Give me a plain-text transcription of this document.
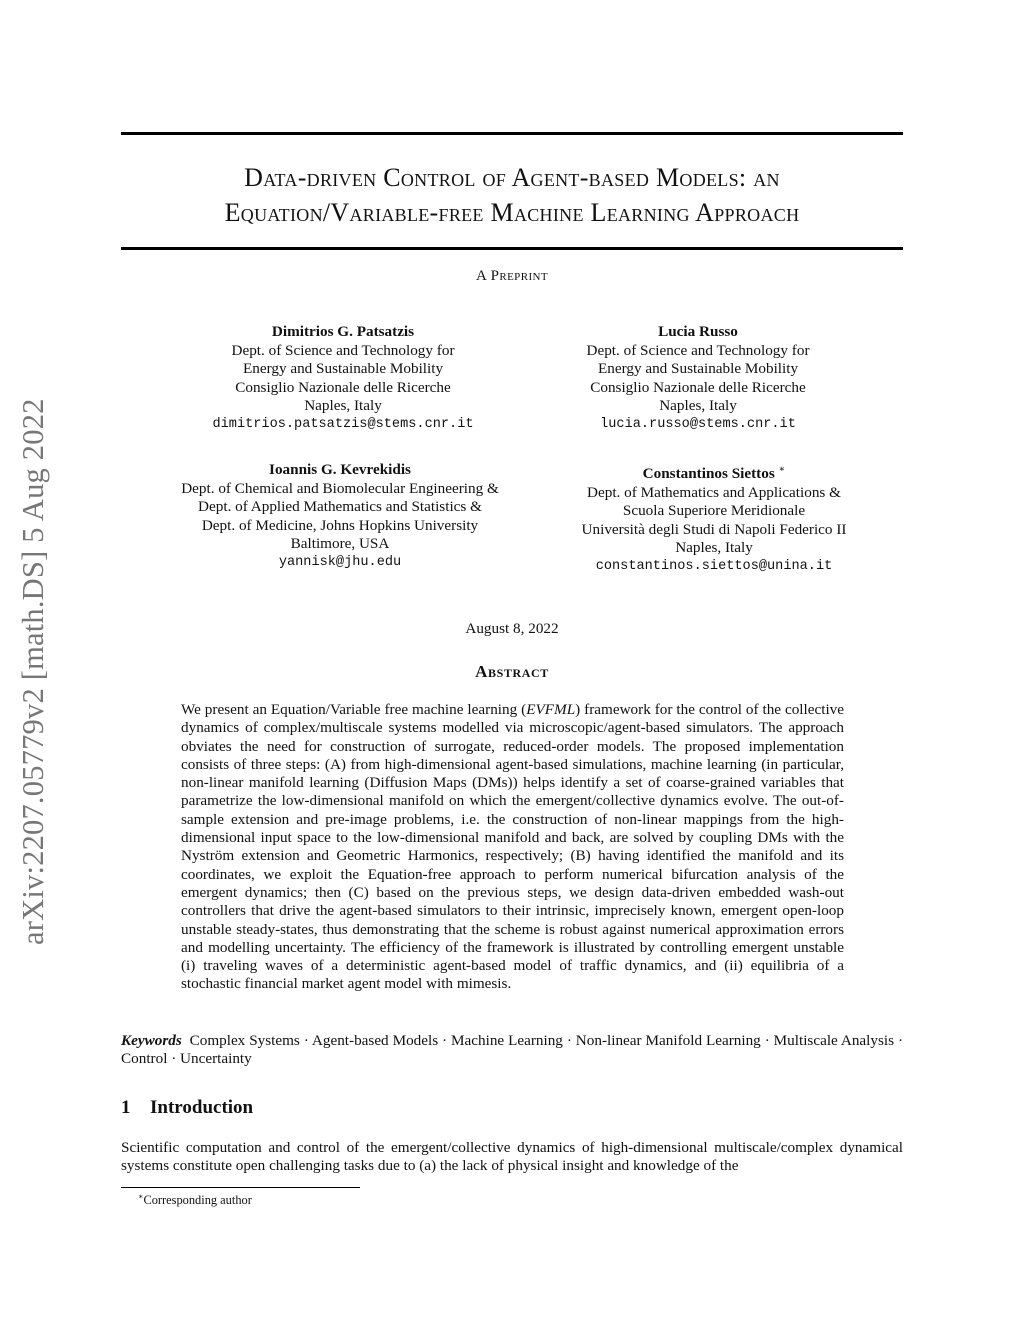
arXiv:2207.05779v2 [math.DS] 5 Aug 2022
Data-driven Control of Agent-based Models: an
Equation/Variable-free Machine Learning Approach
A Preprint
Dimitrios G. Patsatzis
Dept. of Science and Technology for
Energy and Sustainable Mobility
Consiglio Nazionale delle Ricerche
Naples, Italy
dimitrios.patsatzis@stems.cnr.it
Lucia Russo
Dept. of Science and Technology for
Energy and Sustainable Mobility
Consiglio Nazionale delle Ricerche
Naples, Italy
lucia.russo@stems.cnr.it
Ioannis G. Kevrekidis
Dept. of Chemical and Biomolecular Engineering &
Dept. of Applied Mathematics and Statistics &
Dept. of Medicine, Johns Hopkins University
Baltimore, USA
yannisk@jhu.edu
Constantinos Siettos ∗
Dept. of Mathematics and Applications &
Scuola Superiore Meridionale
Università degli Studi di Napoli Federico II
Naples, Italy
constantinos.siettos@unina.it
August 8, 2022
Abstract

We present an Equation/Variable free machine learning (EVFML) framework for the control of the collective dynamics of complex/multiscale systems modelled via microscopic/agent-based simulators. The approach obviates the need for construction of surrogate, reduced-order models. The proposed implementation consists of three steps: (A) from high-dimensional agent-based simulations, machine learning (in particular, non-linear manifold learning (Diffusion Maps (DMs)) helps identify a set of coarse-grained variables that parametrize the low-dimensional manifold on which the emergent/collective dynamics evolve. The out-of-sample extension and pre-image problems, i.e. the construction of non-linear mappings from the high-dimensional input space to the low-dimensional manifold and back, are solved by coupling DMs with the Nyström extension and Geometric Harmonics, respectively; (B) having identified the manifold and its coordinates, we exploit the Equation-free approach to perform numerical bifurcation analysis of the emergent dynamics; then (C) based on the previous steps, we design data-driven embedded wash-out controllers that drive the agent-based simulators to their intrinsic, imprecisely known, emergent open-loop unstable steady-states, thus demonstrating that the scheme is robust against numerical approximation errors and modelling uncertainty. The efficiency of the framework is illustrated by controlling emergent unstable (i) traveling waves of a deterministic agent-based model of traffic dynamics, and (ii) equilibria of a stochastic financial market agent model with mimesis.

Keywords Complex Systems · Agent-based Models · Machine Learning · Non-linear Manifold Learning · Multiscale Analysis · Control · Uncertainty

1 Introduction

Scientific computation and control of the emergent/collective dynamics of high-dimensional multiscale/complex dynamical systems constitute open challenging tasks due to (a) the lack of physical insight and knowledge of the

∗Corresponding author
